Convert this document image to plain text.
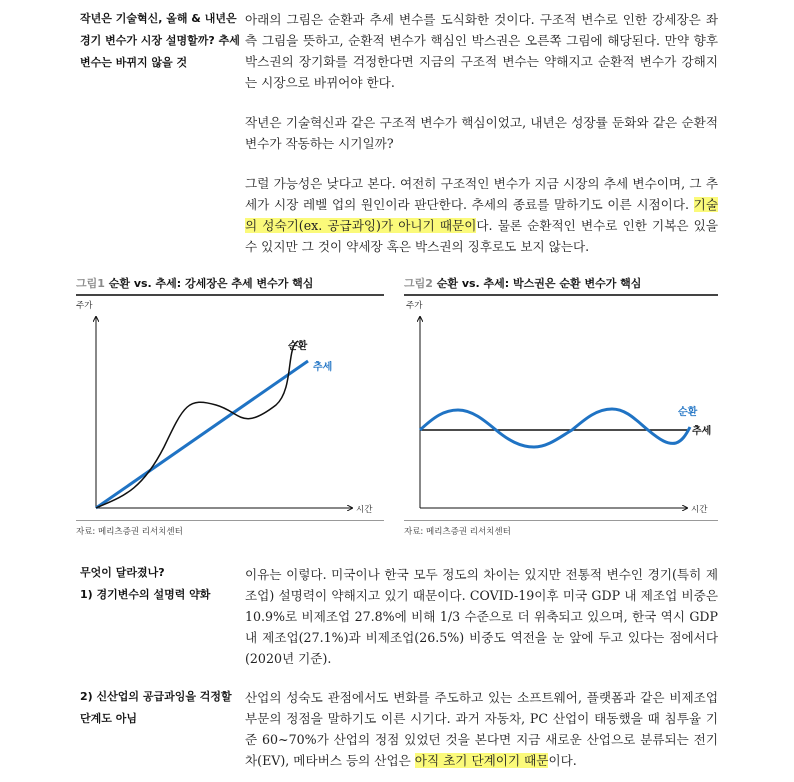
작년은 기술혁신, 올해 & 내년은
경기 변수가 시장 설명할까? 추세
변수는 바뀌지 않을 것
아래의 그림은 순환과 추세 변수를 도식화한 것이다. 구조적 변수로 인한 강세장은 좌측 그림을 뜻하고, 순환적 변수가 핵심인 박스권은 오른쪽 그림에 해당된다. 만약 향후 박스권의 장기화를 걱정한다면 지금의 구조적 변수는 약해지고 순환적 변수가 강해지는 시장으로 바뀌어야 한다.
작년은 기술혁신과 같은 구조적 변수가 핵심이었고, 내년은 성장률 둔화와 같은 순환적 변수가 작동하는 시기일까?
그럴 가능성은 낮다고 본다. 여전히 구조적인 변수가 지금 시장의 추세 변수이며, 그 추세가 시장 레벨 업의 원인이라 판단한다. 추세의 종료를 말하기도 이른 시점이다. 기술의 성숙기(ex. 공급과잉)가 아니기 때문이다. 물론 순환적인 변수로 인한 기복은 있을 수 있지만 그 것이 약세장 혹은 박스권의 징후로도 보지 않는다.
그림1 순환 vs. 추세: 강세장은 추세 변수가 핵심
주가
시간
순환
추세
자료: 메리츠증권 리서치센터
그림2 순환 vs. 추세: 박스권은 순환 변수가 핵심
주가
시간
순환
추세
자료: 메리츠증권 리서치센터
무엇이 달라졌나?
1) 경기변수의 설명력 약화
이유는 이렇다. 미국이나 한국 모두 정도의 차이는 있지만 전통적 변수인 경기(특히 제조업) 설명력이 약해지고 있기 때문이다. COVID-19이후 미국 GDP 내 제조업 비중은 10.9%로 비제조업 27.8%에 비해 1/3 수준으로 더 위축되고 있으며, 한국 역시 GDP 내 제조업(27.1%)과 비제조업(26.5%) 비중도 역전을 눈 앞에 두고 있다는 점에서다(2020년 기준).
2) 신산업의 공급과잉을 걱정할
단계도 아님
산업의 성숙도 관점에서도 변화를 주도하고 있는 소프트웨어, 플랫폼과 같은 비제조업 부문의 정점을 말하기도 이른 시기다. 과거 자동차, PC 산업이 태동했을 때 침투율 기준 60~70%가 산업의 정점 있었던 것을 본다면 지금 새로운 산업으로 분류되는 전기차(EV), 메타버스 등의 산업은 아직 초기 단계이기 때문이다.
